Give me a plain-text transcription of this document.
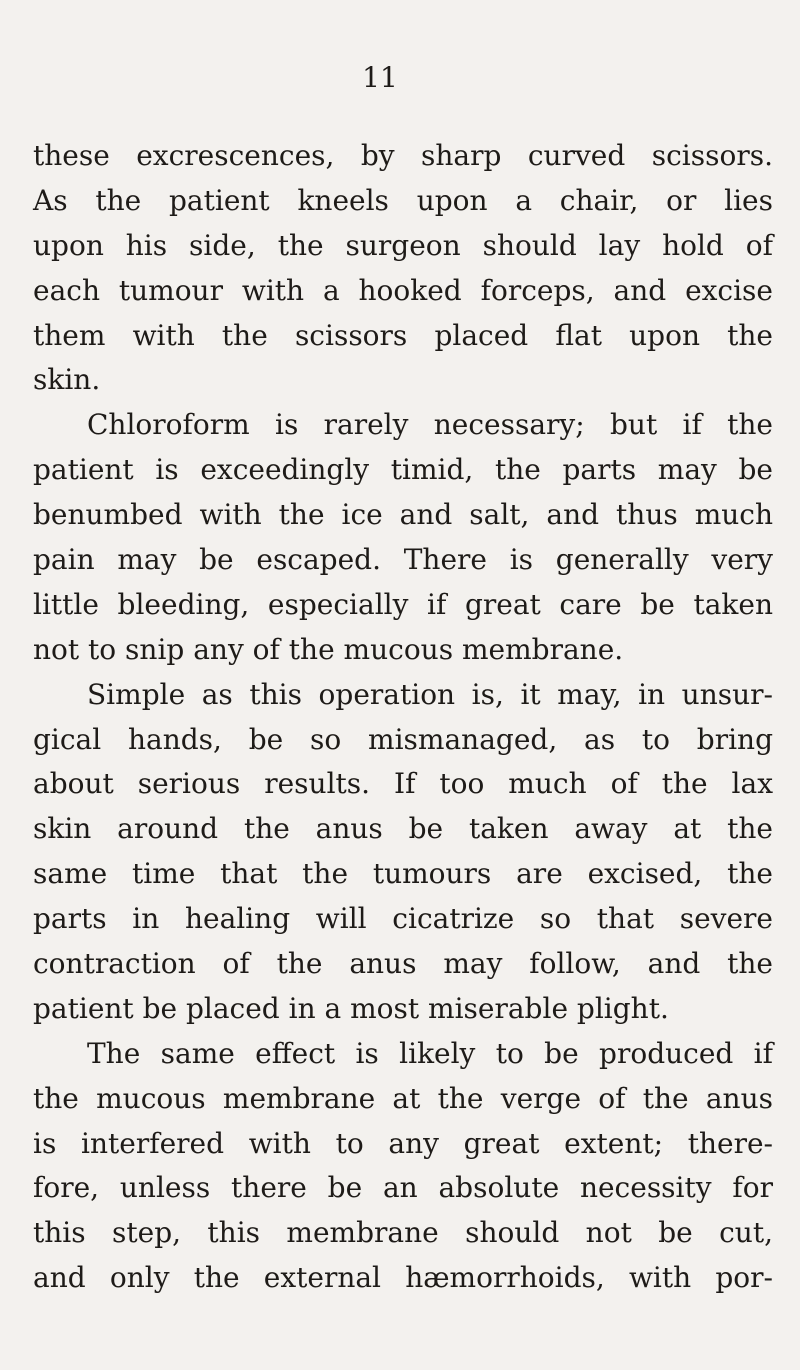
11
these excrescences, by sharp curved scissors.
As the patient kneels upon a chair, or lies
upon his side, the surgeon should lay hold of
each tumour with a hooked forceps, and excise
them with the scissors placed flat upon the
skin.
Chloroform is rarely necessary; but if the
patient is exceedingly timid, the parts may be
benumbed with the ice and salt, and thus much
pain may be escaped. There is generally very
little bleeding, especially if great care be taken
not to snip any of the mucous membrane.
Simple as this operation is, it may, in unsur-
gical hands, be so mismanaged, as to bring
about serious results. If too much of the lax
skin around the anus be taken away at the
same time that the tumours are excised, the
parts in healing will cicatrize so that severe
contraction of the anus may follow, and the
patient be placed in a most miserable plight.
The same effect is likely to be produced if
the mucous membrane at the verge of the anus
is interfered with to any great extent; there-
fore, unless there be an absolute necessity for
this step, this membrane should not be cut,
and only the external hæmorrhoids, with por-
